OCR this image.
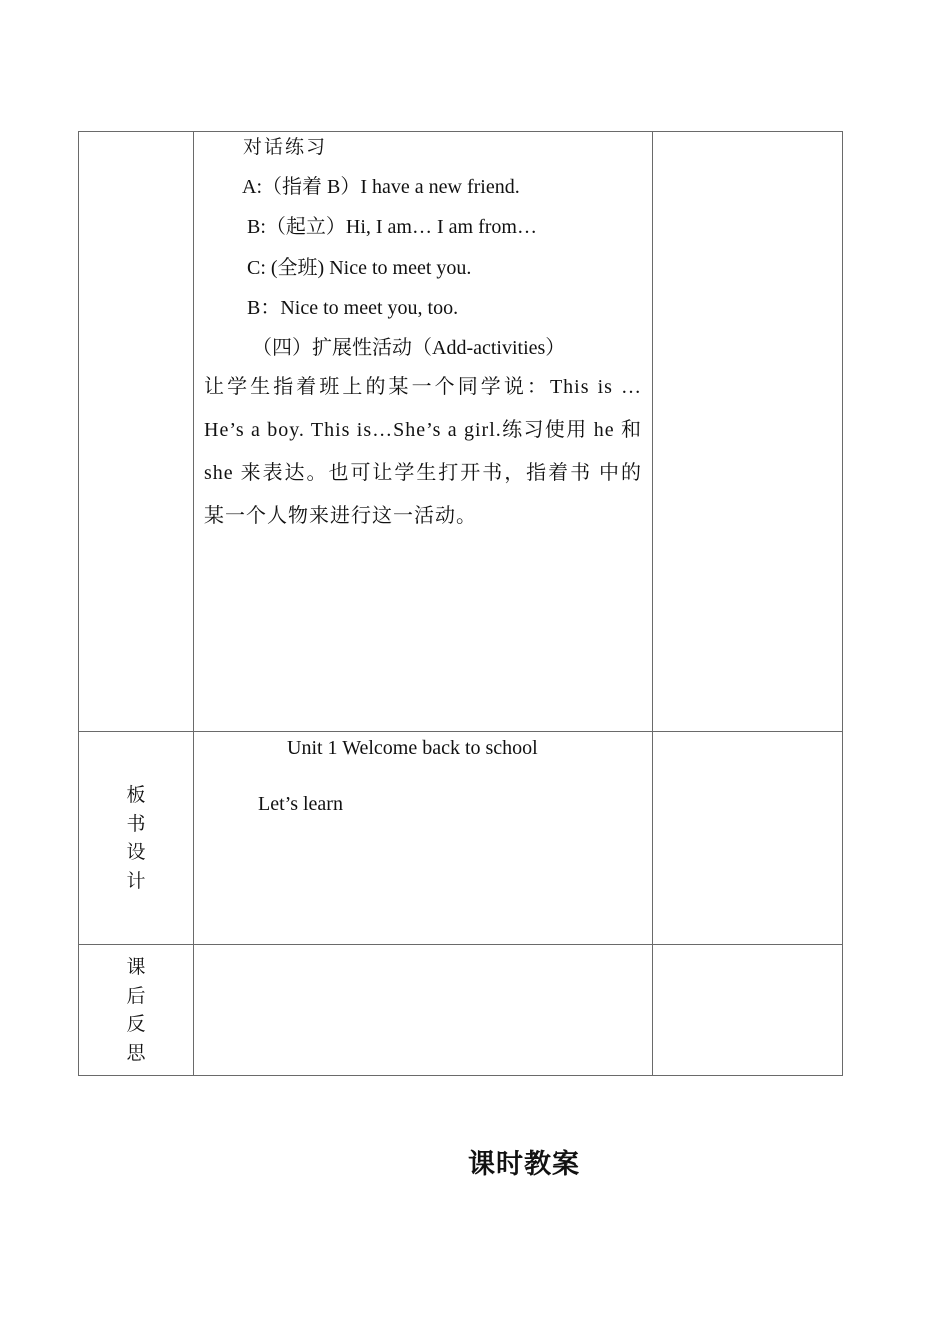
对话练习
A:（指着 B）I have a new friend.
B:（起立）Hi, I am… I am from…
C: (全班) Nice to meet you.
B：Nice to meet you, too.
（四）扩展性活动（Add-activities）
让学生指着班上的某一个同学说：This is … He’s a boy. This is…She’s a girl.练习使用 he 和 she 来表达。也可让学生打开书，指着书 中的某一个人物来进行这一活动。
板
书
设
计
Unit 1 Welcome back to school
Let’s learn
课
后
反
思
课时教案
